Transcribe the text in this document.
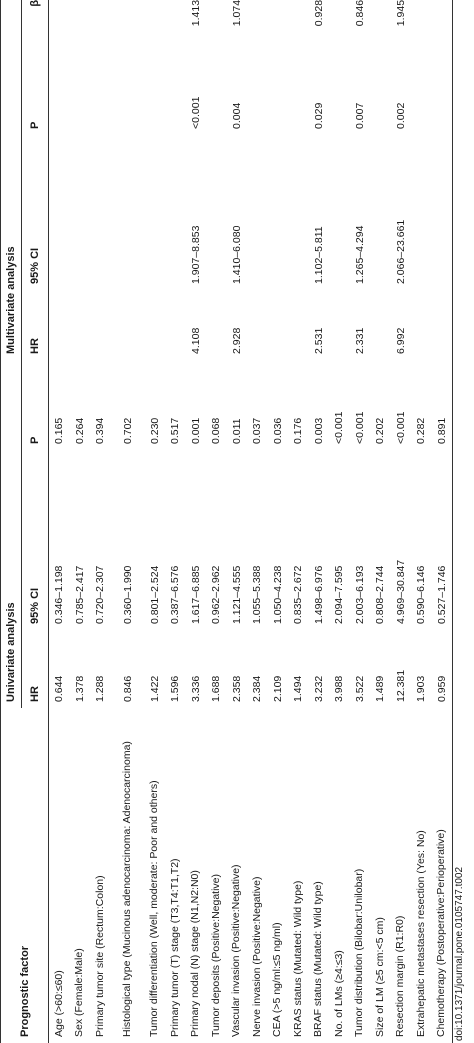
Prognostic factor	Univariate analysis			Multivariate analysis			
	HR	95% CI	P	HR	95% CI	P	β
Age (>60:≤60)	0.644	0.346–1.198	0.165				
Sex (Female:Male)	1.378	0.785–2.417	0.264				
Primary tumor site (Rectum:Colon)	1.288	0.720–2.307	0.394				
Histological type (Mucinous adenocarcinoma: Adenocarcinoma)	0.846	0.360–1.990	0.702				
Tumor differentiation (Well, moderate: Poor and others)	1.422	0.801–2.524	0.230				
Primary tumor (T) stage (T3,T4:T1,T2)	1.596	0.387–6.576	0.517				
Primary nodal (N) stage (N1,N2:N0)	3.336	1.617–6.885	0.001	4.108	1.907–8.853	<0.001	1.413
Tumor deposits (Positive:Negative)	1.688	0.962–2.962	0.068				
Vascular invasion (Positive:Negative)	2.358	1.121–4.555	0.011	2.928	1.410–6.080	0.004	1.074
Nerve invasion (Positive:Negative)	2.384	1.055–5.388	0.037				
CEA (>5 ng/ml:≤5 ng/ml)	2.109	1.050–4.238	0.036				
KRAS status (Mutated: Wild type)	1.494	0.835–2.672	0.176				
BRAF status (Mutated: Wild type)	3.232	1.498–6.976	0.003	2.531	1.102–5.811	0.029	0.928
No. of LMs (≥4:≤3)	3.988	2.094–7.595	<0.001				
Tumor distribution (Bilobar:Unilobar)	3.522	2.003–6.193	<0.001	2.331	1.265–4.294	0.007	0.846
Size of LM (≥5 cm:<5 cm)	1.489	0.808–2.744	0.202				
Resection margin (R1:R0)	12.381	4.969–30.847	<0.001	6.992	2.066–23.661	0.002	1.945
Extrahepatic metastases resection (Yes: No)	1.903	0.590–6.146	0.282				
Chemotherapy (Postoperative:Perioperative)	0.959	0.527–1.746	0.891				
doi:10.1371/journal.pone.0105747.t002
